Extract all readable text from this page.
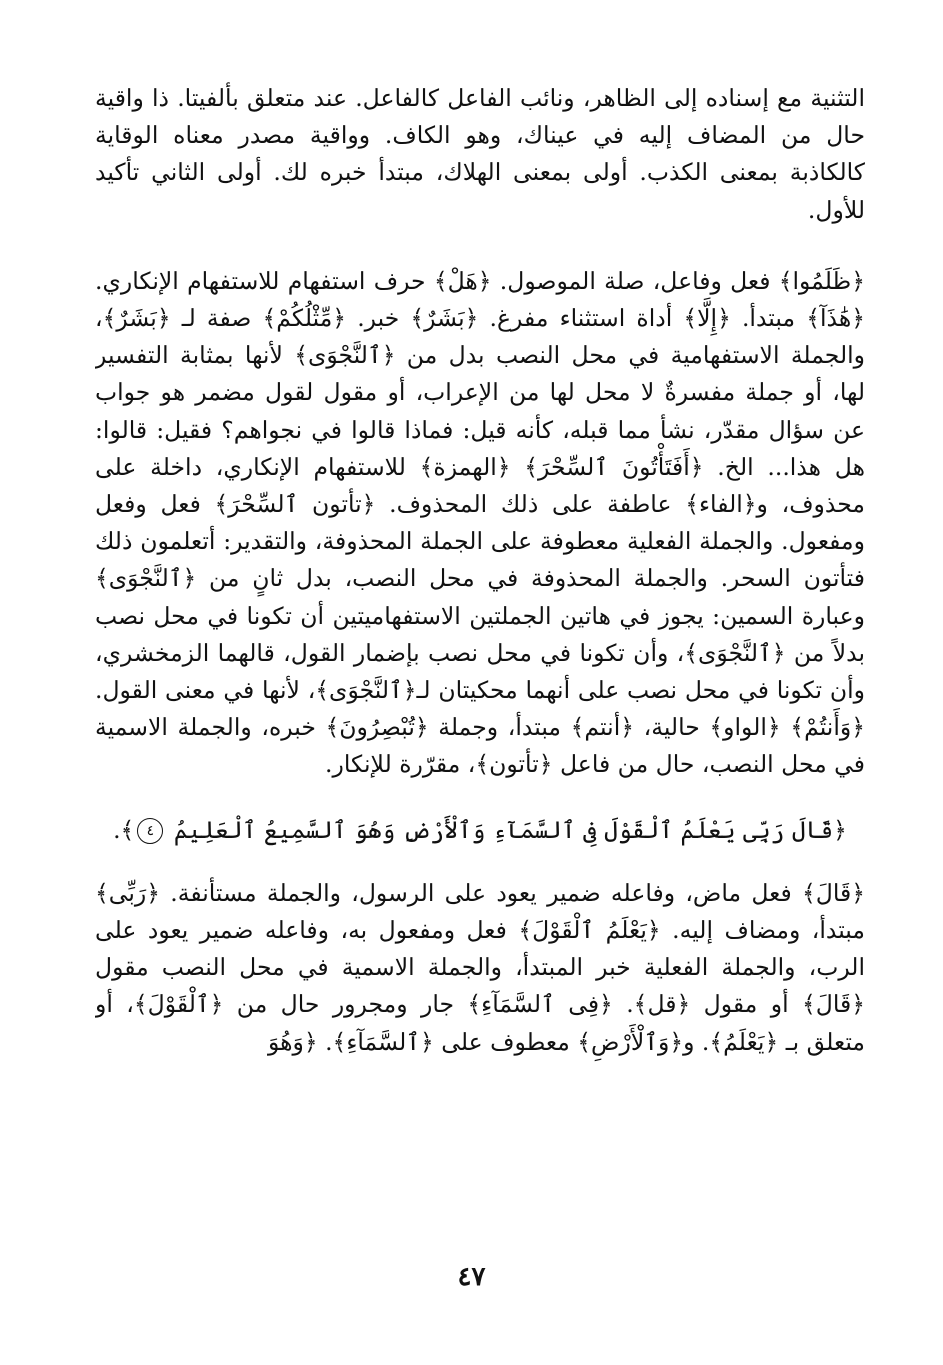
التثنية مع إسناده إلى الظاهر، ونائب الفاعل كالفاعل. عند متعلق بألفيتا. ذا واقية حال من المضاف إليه في عيناك، وهو الكاف. وواقية مصدر معناه الوقاية كالكاذبة بمعنى الكذب. أولى بمعنى الهلاك، مبتدأ خبره لك. أولى الثاني تأكيد للأول.

﴿ظَلَمُوا﴾ فعل وفاعل، صلة الموصول. ﴿هَلْ﴾ حرف استفهام للاستفهام الإنكاري. ﴿هَٰذَآ﴾ مبتدأ. ﴿إِلَّا﴾ أداة استثناء مفرغ. ﴿بَشَرٌ﴾ خبر. ﴿مِّثْلُكُمْ﴾ صفة لـ ﴿بَشَرٌ﴾، والجملة الاستفهامية في محل النصب بدل من ﴿ٱلنَّجْوَى﴾ لأنها بمثابة التفسير لها، أو جملة مفسرةٌ لا محل لها من الإعراب، أو مقول لقول مضمر هو جواب عن سؤال مقدّر، نشأ مما قبله، كأنه قيل: فماذا قالوا في نجواهم؟ فقيل: قالوا: هل هذا... الخ. ﴿أَفَتَأْتُونَ ٱلسِّحْرَ﴾ ﴿الهمزة﴾ للاستفهام الإنكاري، داخلة على محذوف، و﴿الفاء﴾ عاطفة على ذلك المحذوف. ﴿تأتون ٱلسِّحْرَ﴾ فعل وفعل ومفعول. والجملة الفعلية معطوفة على الجملة المحذوفة، والتقدير: أتعلمون ذلك فتأتون السحر. والجملة المحذوفة في محل النصب، بدل ثانٍ من ﴿ٱلنَّجْوَى﴾ وعبارة السمين: يجوز في هاتين الجملتين الاستفهاميتين أن تكونا في محل نصب بدلاً من ﴿ٱلنَّجْوَى﴾، وأن تكونا في محل نصب بإضمار القول، قالهما الزمخشري، وأن تكونا في محل نصب على أنهما محكيتان لـ﴿ٱلنَّجْوَى﴾، لأنها في معنى القول. ﴿وَأَنتُمْ﴾ ﴿الواو﴾ حالية، ﴿أنتم﴾ مبتدأ، وجملة ﴿تُبْصِرُونَ﴾ خبره، والجملة الاسمية في محل النصب، حال من فاعل ﴿تأتون﴾، مقرّرة للإنكار.

﴿قَالَ رَبِّى يَعْلَمُ ٱلْقَوْلَ فِى ٱلسَّمَآءِ وَٱلْأَرْضِ وَهُوَ ٱلسَّمِيعُ ٱلْعَلِيمُ ٤﴾.

﴿قَالَ﴾ فعل ماض، وفاعله ضمير يعود على الرسول، والجملة مستأنفة. ﴿رَبِّى﴾ مبتدأ، ومضاف إليه. ﴿يَعْلَمُ ٱلْقَوْلَ﴾ فعل ومفعول به، وفاعله ضمير يعود على الرب، والجملة الفعلية خبر المبتدأ، والجملة الاسمية في محل النصب مقول ﴿قَالَ﴾ أو مقول ﴿قل﴾. ﴿فِى ٱلسَّمَآءِ﴾ جار ومجرور حال من ﴿ٱلْقَوْلَ﴾، أو متعلق بـ ﴿يَعْلَمُ﴾. و﴿وَٱلْأَرْضِ﴾ معطوف على ﴿ٱلسَّمَآءِ﴾. ﴿وَهُوَ

٤٧
